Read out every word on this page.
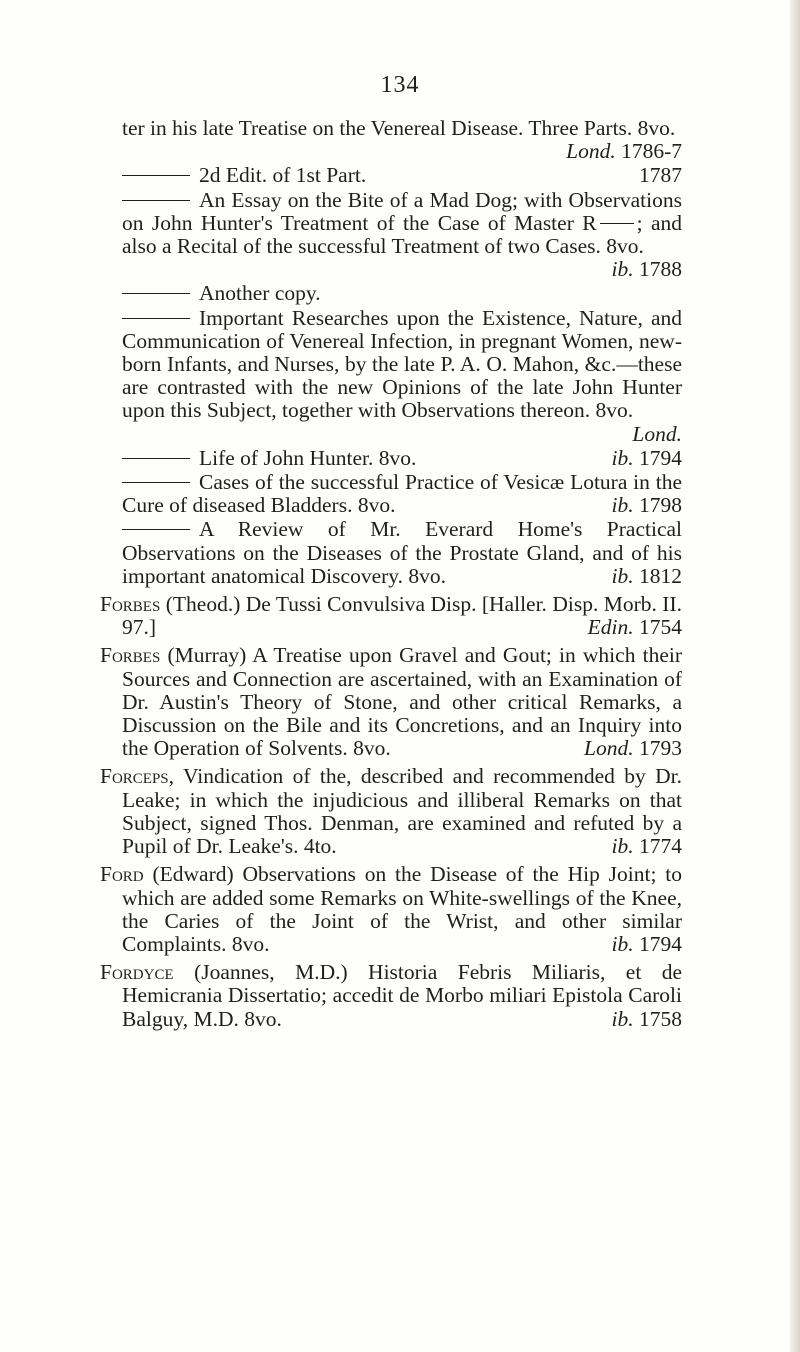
134

ter in his late Treatise on the Venereal Disease. Three Parts. 8vo.
Lond. 1786-7

2d Edit. of 1st Part.	1787

An Essay on the Bite of a Mad Dog; with Observations on John Hunter's Treatment of the Case of Master R ; and also a Recital of the successful Treatment of two Cases. 8vo.
ib. 1788

Another copy.

Important Researches upon the Existence, Nature, and Communication of Venereal Infection, in pregnant Women, new-born Infants, and Nurses, by the late P. A. O. Mahon, &c.—these are contrasted with the new Opinions of the late John Hunter upon this Subject, together with Observations thereon. 8vo.
Lond.

Life of John Hunter. 8vo.	ib. 1794

Cases of the successful Practice of Vesicæ Lotura in the Cure of diseased Bladders. 8vo.	ib. 1798

A Review of Mr. Everard Home's Practical Observations on the Diseases of the Prostate Gland, and of his important anatomical Discovery. 8vo.	ib. 1812

Forbes (Theod.) De Tussi Convulsiva Disp. [Haller. Disp. Morb. II. 97.]	Edin. 1754

Forbes (Murray) A Treatise upon Gravel and Gout; in which their Sources and Connection are ascertained, with an Examination of Dr. Austin's Theory of Stone, and other critical Remarks, a Discussion on the Bile and its Concretions, and an Inquiry into the Operation of Solvents. 8vo.	Lond. 1793

Forceps, Vindication of the, described and recommended by Dr. Leake; in which the injudicious and illiberal Remarks on that Subject, signed Thos. Denman, are examined and refuted by a Pupil of Dr. Leake's. 4to.	ib. 1774

Ford (Edward) Observations on the Disease of the Hip Joint; to which are added some Remarks on White-swellings of the Knee, the Caries of the Joint of the Wrist, and other similar Complaints. 8vo.	ib. 1794

Fordyce (Joannes, M.D.) Historia Febris Miliaris, et de Hemicrania Dissertatio; accedit de Morbo miliari Epistola Caroli Balguy, M.D. 8vo.	ib. 1758
